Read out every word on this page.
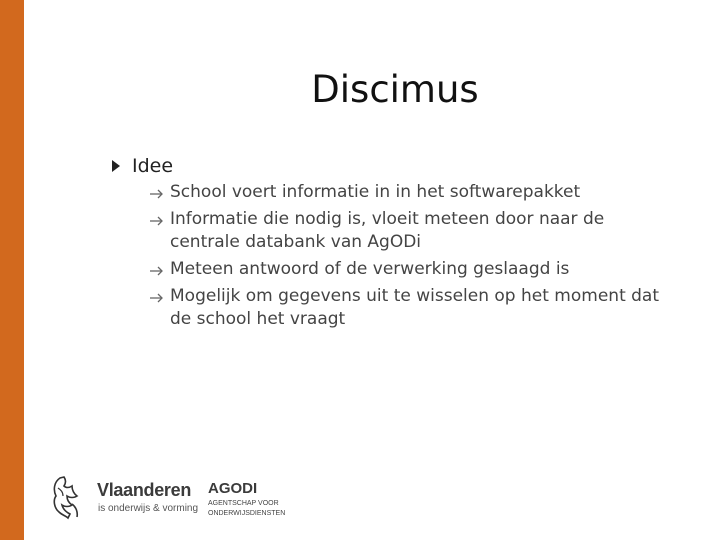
Discimus
Idee
School voert informatie in in het softwarepakket
Informatie die nodig is, vloeit meteen door naar de centrale databank van AgODi
Meteen antwoord of de verwerking geslaagd is
Mogelijk om gegevens uit te wisselen op het moment dat de school het vraagt
Vlaanderen
is onderwijs & vorming
AGODI
AGENTSCHAP VOOR ONDERWIJSDIENSTEN
